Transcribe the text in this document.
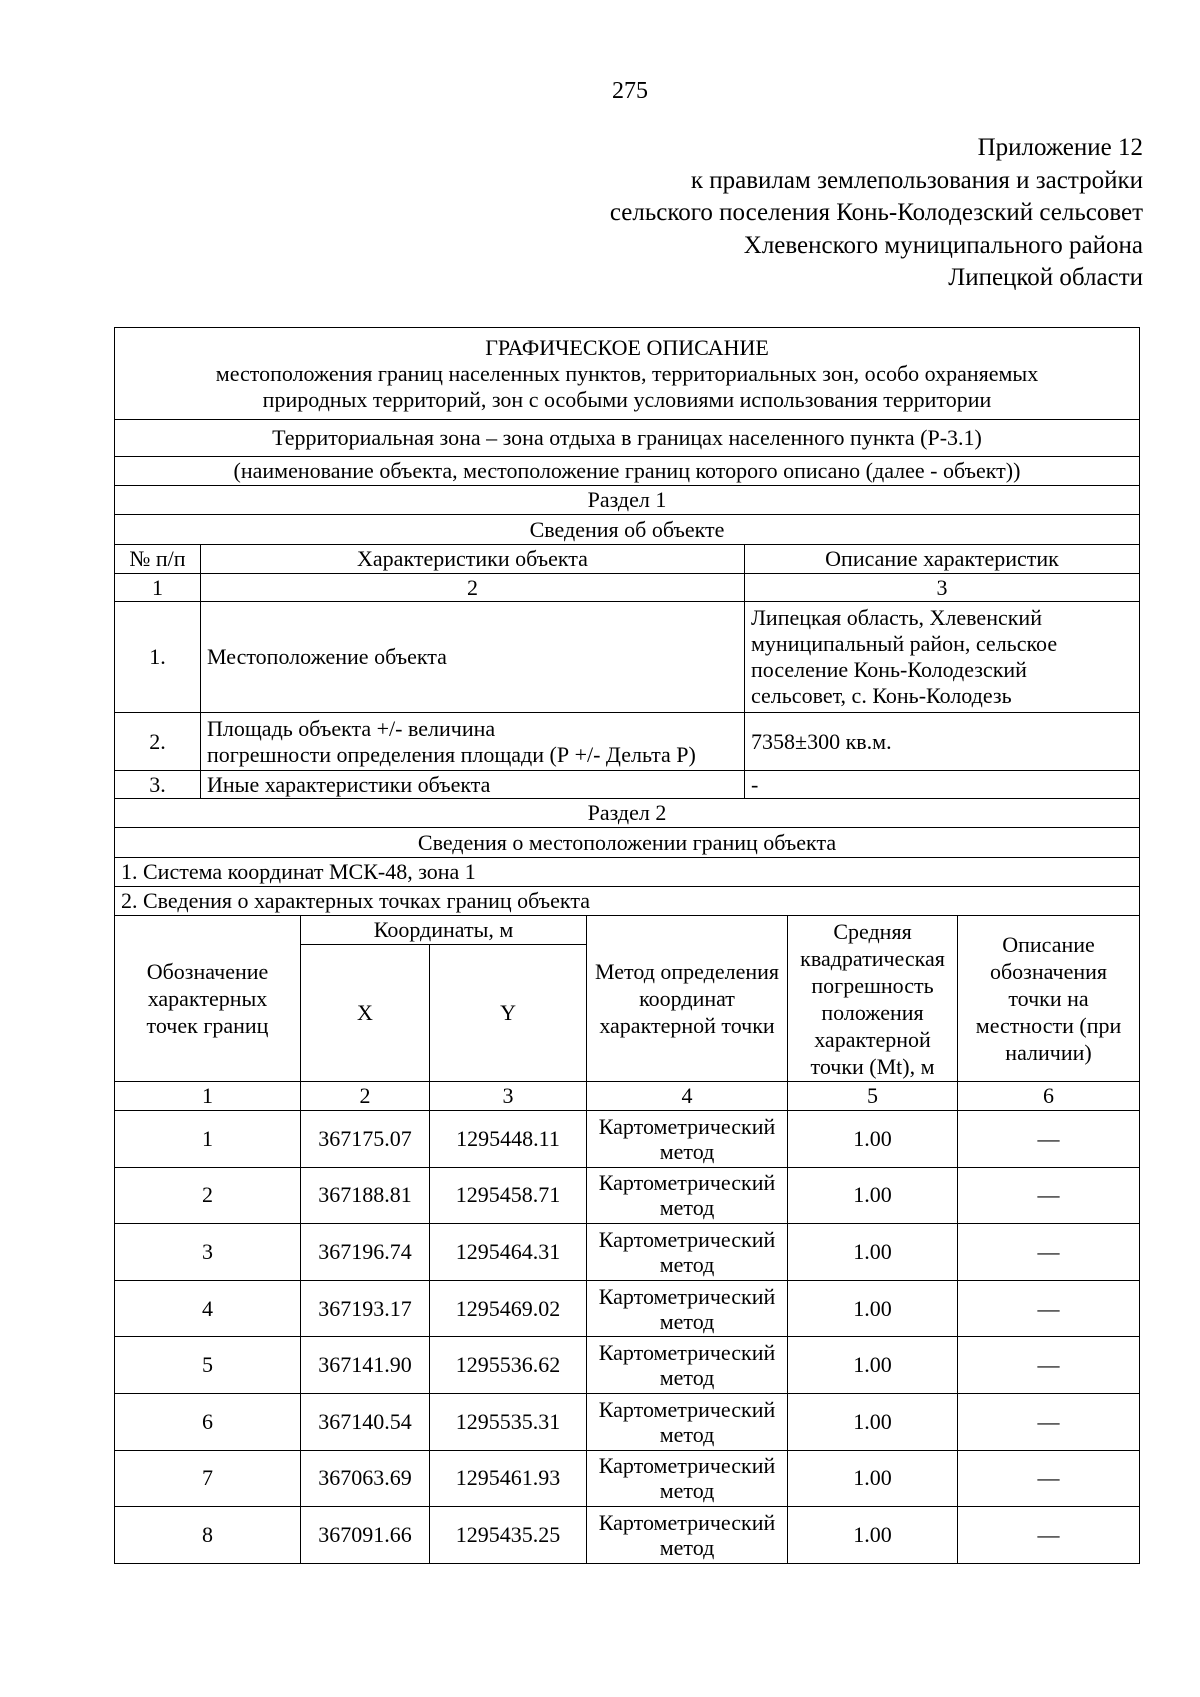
275
Приложение 12
к правилам землепользования и застройки
сельского поселения Конь-Колодезский сельсовет
Хлевенского муниципального района
Липецкой области
ГРАФИЧЕСКОЕ ОПИСАНИЕ
местоположения границ населенных пунктов, территориальных зон, особо охраняемых
природных территорий, зон с особыми условиями использования территории		

Территориальная зона – зона отдыха в границах населенного пункта (Р-3.1)		
(наименование объекта, местоположение границ которого описано (далее - объект))		
Раздел 1		
Сведения об объекте		
№ п/п	Характеристики объекта	Описание характеристик
1	2	3
1.	Местоположение объекта	Липецкая область, Хлевенский
муниципальный район, сельское
поселение Конь-Колодезский
сельсовет, с. Конь-Колодезь

2.	Площадь объекта +/- величина
погрешности определения площади (Р +/- Дельта Р)	7358±300 кв.м.
3.	Иные характеристики объекта	-
Раздел 2		
Сведения о местоположении границ объекта		
1. Система координат МСК-48, зона 1		
2. Сведения о характерных точках границ объекта		
Обозначение характерных точек границ	Координаты, м		Метод определения координат характерной точки	Средняя квадратическая погрешность положения характерной точки (Mt), м	Описание обозначения точки на местности (при наличии)
	X	Y			
1	2	3	4	5	6
1	367175.07	1295448.11	Картометрический метод	1.00	—
2	367188.81	1295458.71	Картометрический метод	1.00	—
3	367196.74	1295464.31	Картометрический метод	1.00	—
4	367193.17	1295469.02	Картометрический метод	1.00	—
5	367141.90	1295536.62	Картометрический метод	1.00	—
6	367140.54	1295535.31	Картометрический метод	1.00	—
7	367063.69	1295461.93	Картометрический метод	1.00	—
8	367091.66	1295435.25	Картометрический метод	1.00	—
